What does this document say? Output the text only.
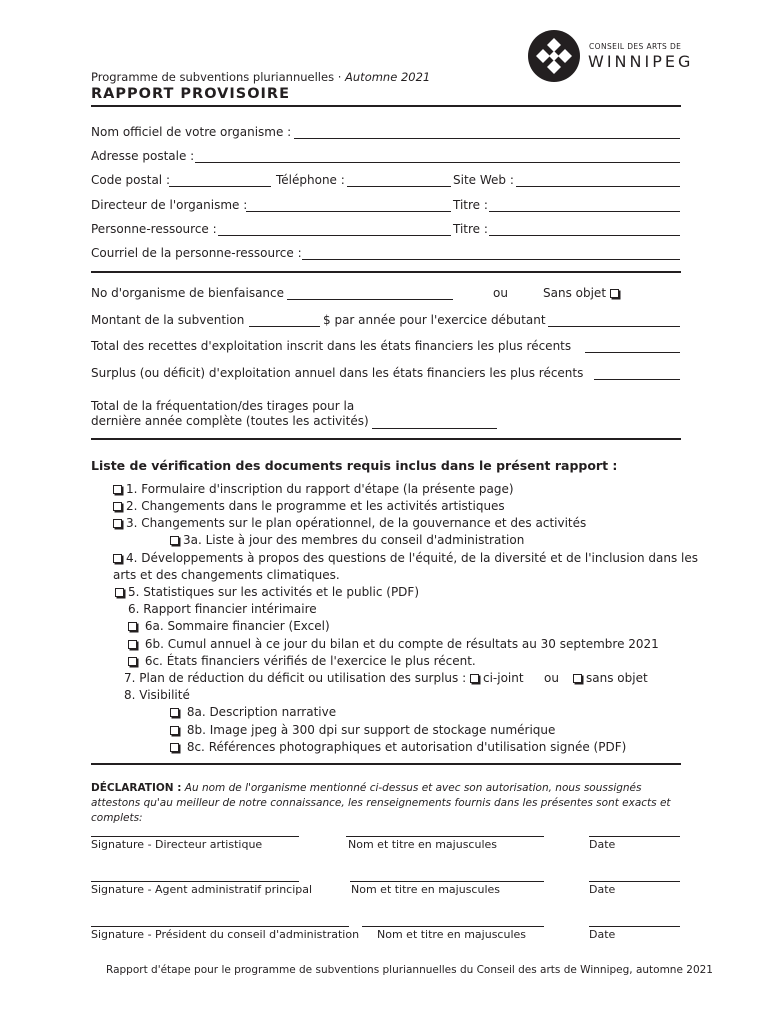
CONSEIL DES ARTS DE
WINNIPEG
Programme de subventions pluriannuelles · Automne 2021
RAPPORT PROVISOIRE
Nom officiel de votre organisme :
Adresse postale :
Code postal :	Téléphone :	Site Web :
Directeur de l'organisme :	Titre :
Personne-ressource :	Titre :
Courriel de la personne-ressource :
No d'organisme de bienfaisance	ou	Sans objet
Montant de la subvention	$ par année pour l'exercice débutant
Total des recettes d'exploitation inscrit dans les états financiers les plus récents
Surplus (ou déficit) d'exploitation annuel dans les états financiers les plus récents
Total de la fréquentation/des tirages pour la
dernière année complète (toutes les activités)
Liste de vérification des documents requis inclus dans le présent rapport :
1. Formulaire d'inscription du rapport d'étape (la présente page)
2. Changements dans le programme et les activités artistiques
3. Changements sur le plan opérationnel, de la gouvernance et des activités
3a. Liste à jour des membres du conseil d'administration
4. Développements à propos des questions de l'équité, de la diversité et de l'inclusion dans les
arts et des changements climatiques.
5. Statistiques sur les activités et le public (PDF)
6. Rapport financier intérimaire
6a. Sommaire financier (Excel)
6b. Cumul annuel à ce jour du bilan et du compte de résultats au 30 septembre 2021
6c. États financiers vérifiés de l'exercice le plus récent.
7. Plan de réduction du déficit ou utilisation des surplus : ci-joint ou	sans objet
8. Visibilité
8a. Description narrative
8b. Image jpeg à 300 dpi sur support de stockage numérique
8c. Références photographiques et autorisation d'utilisation signée (PDF)
DÉCLARATION : Au nom de l'organisme mentionné ci-dessus et avec son autorisation, nous soussignés attestons qu'au meilleur de notre connaissance, les renseignements fournis dans les présentes sont exacts et complets:
Signature - Directeur artistique	Nom et titre en majuscules	Date
Signature - Agent administratif principal	Nom et titre en majuscules	Date
Signature - Président du conseil d'administration Nom et titre en majuscules	Date
Rapport d'étape pour le programme de subventions pluriannuelles du Conseil des arts de Winnipeg, automne 2021
